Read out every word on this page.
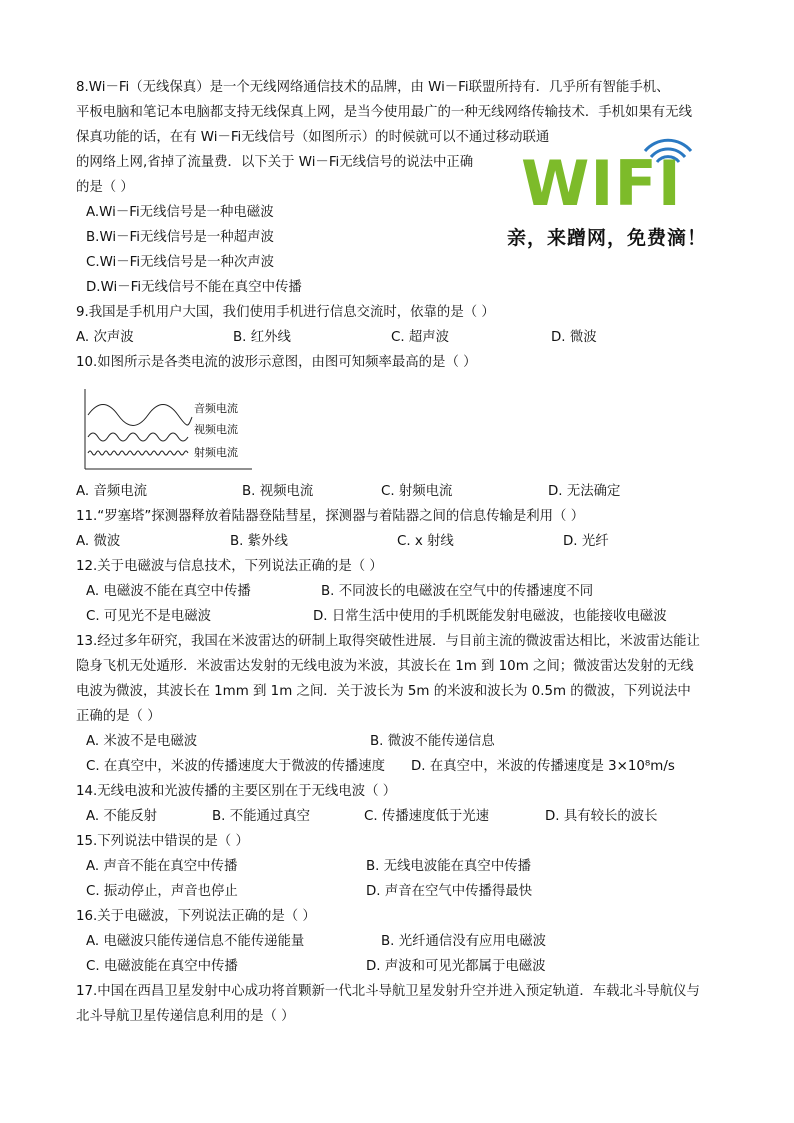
8.Wi－Fi（无线保真）是一个无线网络通信技术的品牌，由 Wi－Fi联盟所持有．几乎所有智能手机、
平板电脑和笔记本电脑都支持无线保真上网，是当今使用最广的一种无线网络传输技术．手机如果有无线
保真功能的话，在有 Wi－Fi无线信号（如图所示）的时候就可以不通过移动联通
的网络上网,省掉了流量费．以下关于 Wi－Fi无线信号的说法中正确
的是（ ）
A.Wi－Fi无线信号是一种电磁波
B.Wi－Fi无线信号是一种超声波
C.Wi－Fi无线信号是一种次声波
D.Wi－Fi无线信号不能在真空中传播
WIFI
亲，来蹭网，免费滴！
9.我国是手机用户大国，我们使用手机进行信息交流时，依靠的是（ ）
A. 次声波	B. 红外线	C. 超声波	D. 微波
10.如图所示是各类电流的波形示意图，由图可知频率最高的是（ ）
音频电流
视频电流
射频电流
A. 音频电流	B. 视频电流	C. 射频电流	D. 无法确定
11.“罗塞塔”探测器释放着陆器登陆彗星，探测器与着陆器之间的信息传输是利用（ ）
A. 微波	B. 紫外线	C. x 射线	D. 光纤
12.关于电磁波与信息技术，下列说法正确的是（ ）
A. 电磁波不能在真空中传播	B. 不同波长的电磁波在空气中的传播速度不同
C. 可见光不是电磁波	D. 日常生活中使用的手机既能发射电磁波，也能接收电磁波
13.经过多年研究，我国在米波雷达的研制上取得突破性进展．与目前主流的微波雷达相比，米波雷达能让
隐身飞机无处遁形．米波雷达发射的无线电波为米波，其波长在 1m 到 10m 之间；微波雷达发射的无线
电波为微波，其波长在 1mm 到 1m 之间．关于波长为 5m 的米波和波长为 0.5m 的微波，下列说法中
正确的是（ ）
A. 米波不是电磁波	B. 微波不能传递信息
C. 在真空中，米波的传播速度大于微波的传播速度 D. 在真空中，米波的传播速度是 3×10⁸m/s
14.无线电波和光波传播的主要区别在于无线电波（ ）
A. 不能反射	B. 不能通过真空	C. 传播速度低于光速	D. 具有较长的波长
15.下列说法中错误的是（ ）
A. 声音不能在真空中传播	B. 无线电波能在真空中传播
C. 振动停止，声音也停止	D. 声音在空气中传播得最快
16.关于电磁波，下列说法正确的是（ ）
A. 电磁波只能传递信息不能传递能量	B. 光纤通信没有应用电磁波
C. 电磁波能在真空中传播	D. 声波和可见光都属于电磁波
17.中国在西昌卫星发射中心成功将首颗新一代北斗导航卫星发射升空并进入预定轨道．车载北斗导航仪与
北斗导航卫星传递信息利用的是（ ）
